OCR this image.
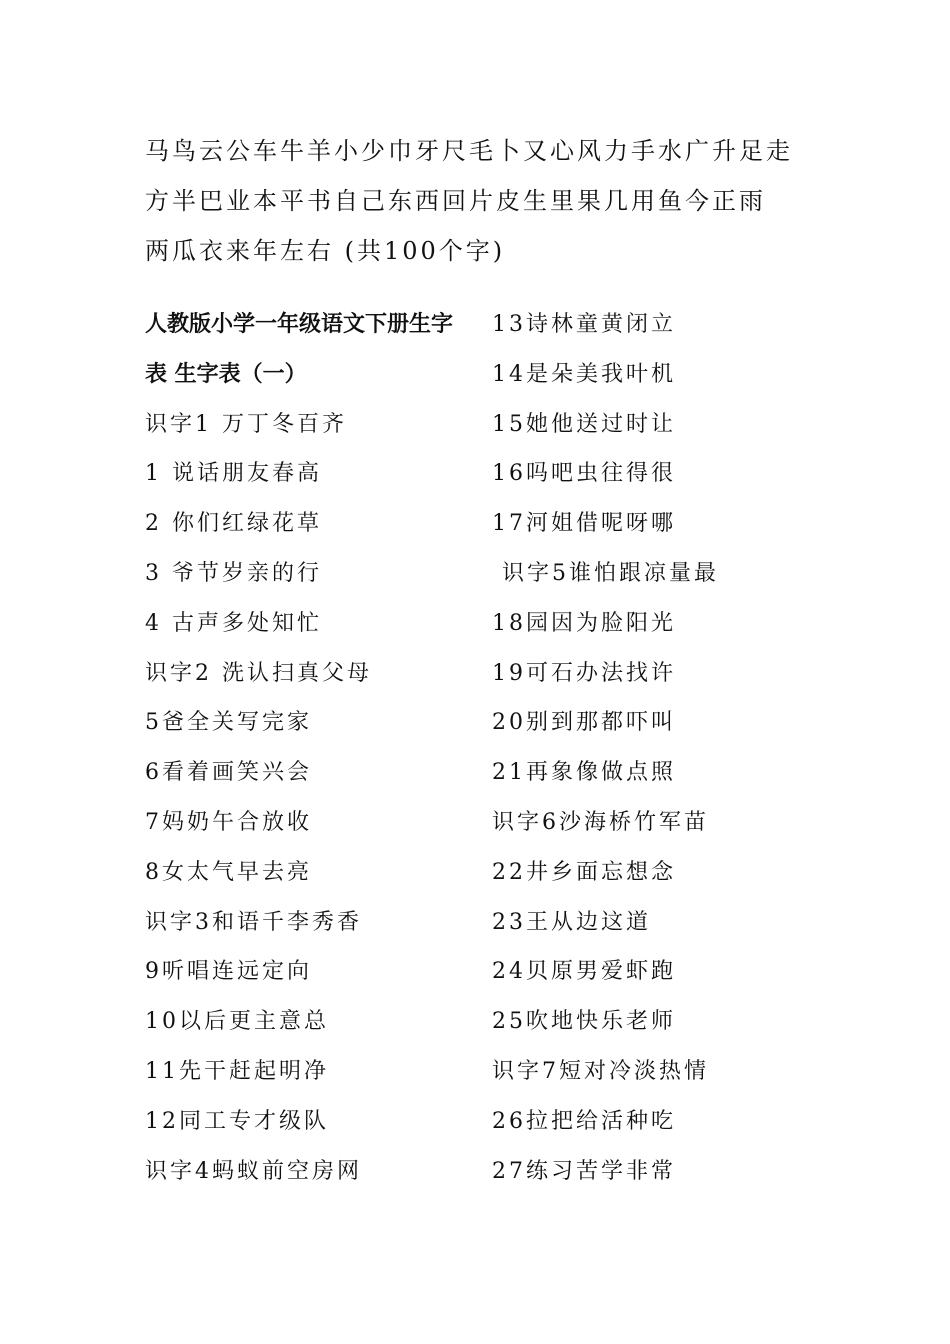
马鸟云公车牛羊小少巾牙尺毛卜又心风力手水广升足走
方半巴业本平书自己东西回片皮生里果几用鱼今正雨
两瓜衣来年左右 (共100个字)
人教版小学一年级语文下册生字
表 生字表（一）
识字1 万丁冬百齐
1 说话朋友春高
2 你们红绿花草
3 爷节岁亲的行
4 古声多处知忙
识字2 洗认扫真父母
5爸全关写完家
6看着画笑兴会
7妈奶午合放收
8女太气早去亮
识字3和语千李秀香
9听唱连远定向
10以后更主意总
11先干赶起明净
12同工专才级队
识字4蚂蚁前空房网
13诗林童黄闭立
14是朵美我叶机
15她他送过时让
16吗吧虫往得很
17河姐借呢呀哪
识字5谁怕跟凉量最
18园因为脸阳光
19可石办法找许
20别到那都吓叫
21再象像做点照
识字6沙海桥竹军苗
22井乡面忘想念
23王从边这道
24贝原男爱虾跑
25吹地快乐老师
识字7短对冷淡热情
26拉把给活种吃
27练习苦学非常
